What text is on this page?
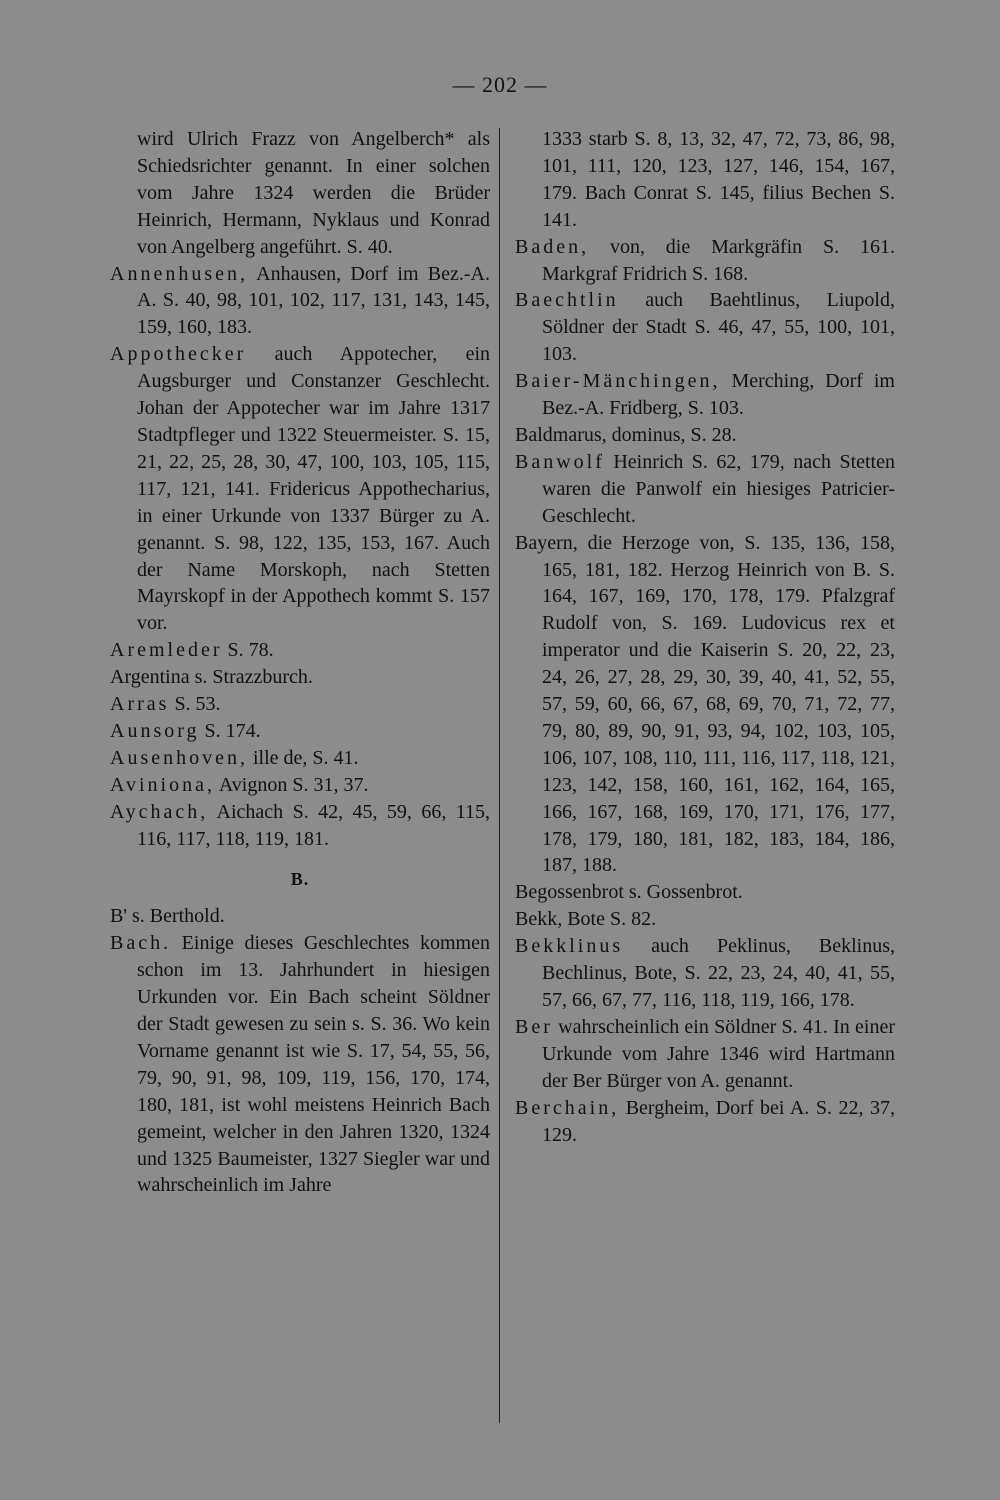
— 202 —

wird Ulrich Frazz von Angelberch* als Schiedsrichter genannt. In einer solchen vom Jahre 1324 werden die Brüder Heinrich, Hermann, Nyklaus und Konrad von Angelberg angeführt. S. 40.

Annenhusen, Anhausen, Dorf im Bez.-A. A. S. 40, 98, 101, 102, 117, 131, 143, 145, 159, 160, 183.

Appothecker auch Appotecher, ein Augsburger und Constanzer Geschlecht. Johan der Appotecher war im Jahre 1317 Stadtpfleger und 1322 Steuermeister. S. 15, 21, 22, 25, 28, 30, 47, 100, 103, 105, 115, 117, 121, 141. Fridericus Appothecharius, in einer Urkunde von 1337 Bürger zu A. genannt. S. 98, 122, 135, 153, 167. Auch der Name Morskoph, nach Stetten Mayrskopf in der Appothech kommt S. 157 vor.

Aremleder S. 78.

Argentina s. Strazzburch.

Arras S. 53.

Aunsorg S. 174.

Ausenhoven, ille de, S. 41.

Aviniona, Avignon S. 31, 37.

Aychach, Aichach S. 42, 45, 59, 66, 115, 116, 117, 118, 119, 181.

B.

B' s. Berthold.

Bach. Einige dieses Geschlechtes kommen schon im 13. Jahrhundert in hiesigen Urkunden vor. Ein Bach scheint Söldner der Stadt gewesen zu sein s. S. 36. Wo kein Vorname genannt ist wie S. 17, 54, 55, 56, 79, 90, 91, 98, 109, 119, 156, 170, 174, 180, 181, ist wohl meistens Heinrich Bach gemeint, welcher in den Jahren 1320, 1324 und 1325 Baumeister, 1327 Siegler war und wahrscheinlich im Jahre

1333 starb S. 8, 13, 32, 47, 72, 73, 86, 98, 101, 111, 120, 123, 127, 146, 154, 167, 179. Bach Conrat S. 145, filius Bechen S. 141.

Baden, von, die Markgräfin S. 161. Markgraf Fridrich S. 168.

Baechtlin auch Baehtlinus, Liupold, Söldner der Stadt S. 46, 47, 55, 100, 101, 103.

Baier-Mänchingen, Merching, Dorf im Bez.-A. Fridberg, S. 103.

Baldmarus, dominus, S. 28.

Banwolf Heinrich S. 62, 179, nach Stetten waren die Panwolf ein hiesiges Patricier-Geschlecht.

Bayern, die Herzoge von, S. 135, 136, 158, 165, 181, 182. Herzog Heinrich von B. S. 164, 167, 169, 170, 178, 179. Pfalzgraf Rudolf von, S. 169. Ludovicus rex et imperator und die Kaiserin S. 20, 22, 23, 24, 26, 27, 28, 29, 30, 39, 40, 41, 52, 55, 57, 59, 60, 66, 67, 68, 69, 70, 71, 72, 77, 79, 80, 89, 90, 91, 93, 94, 102, 103, 105, 106, 107, 108, 110, 111, 116, 117, 118, 121, 123, 142, 158, 160, 161, 162, 164, 165, 166, 167, 168, 169, 170, 171, 176, 177, 178, 179, 180, 181, 182, 183, 184, 186, 187, 188.

Begossenbrot s. Gossenbrot.

Bekk, Bote S. 82.

Bekklinus auch Peklinus, Beklinus, Bechlinus, Bote, S. 22, 23, 24, 40, 41, 55, 57, 66, 67, 77, 116, 118, 119, 166, 178.

Ber wahrscheinlich ein Söldner S. 41. In einer Urkunde vom Jahre 1346 wird Hartmann der Ber Bürger von A. genannt.

Berchain, Bergheim, Dorf bei A. S. 22, 37, 129.
